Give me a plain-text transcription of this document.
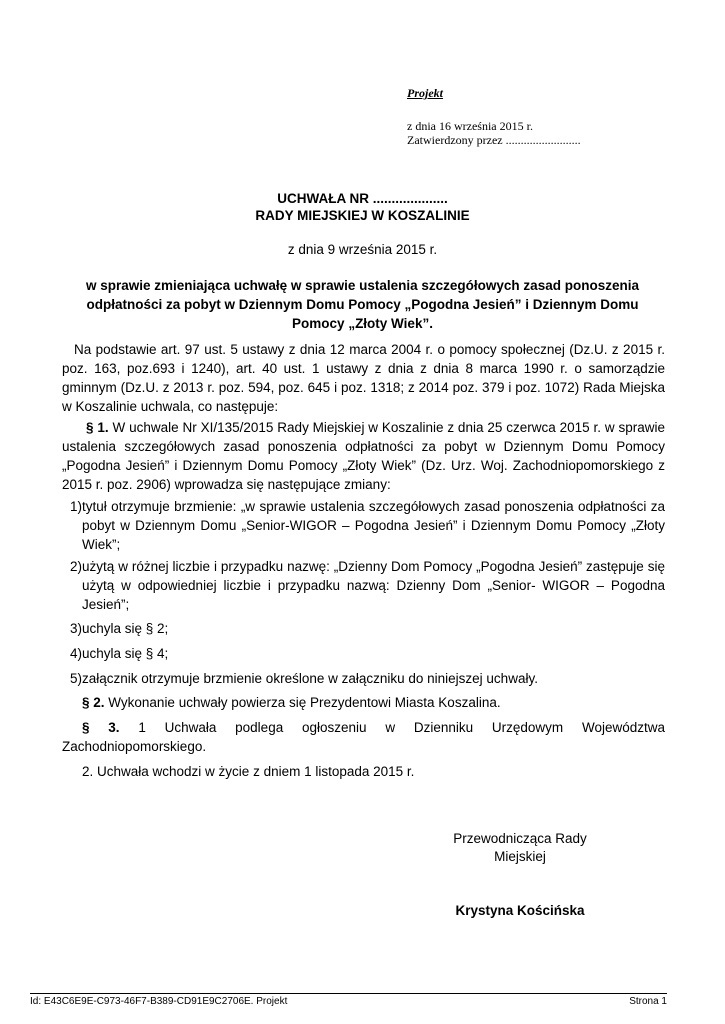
Projekt
z dnia 16 września 2015 r.
Zatwierdzony przez .........................
UCHWAŁA NR ....................
RADY MIEJSKIEJ W KOSZALINIE
z dnia 9 września 2015 r.
w sprawie zmieniająca uchwałę w sprawie ustalenia szczegółowych zasad ponoszenia odpłatności za pobyt w Dziennym Domu Pomocy „Pogodna Jesień” i Dziennym Domu Pomocy „Złoty Wiek”.
Na podstawie art. 97 ust. 5 ustawy z dnia 12 marca 2004 r. o pomocy społecznej (Dz.U. z 2015 r. poz. 163, poz.693 i 1240), art. 40 ust. 1 ustawy z dnia z dnia 8 marca 1990 r. o samorządzie gminnym (Dz.U. z 2013 r. poz. 594, poz. 645 i poz. 1318; z 2014 poz. 379 i poz. 1072) Rada Miejska w Koszalinie uchwala, co następuje:
§ 1. W uchwale Nr XI/135/2015 Rady Miejskiej w Koszalinie z dnia 25 czerwca 2015 r. w sprawie ustalenia szczegółowych zasad ponoszenia odpłatności za pobyt w Dziennym Domu Pomocy „Pogodna Jesień” i Dziennym Domu Pomocy „Złoty Wiek” (Dz. Urz. Woj. Zachodniopomorskiego z 2015 r. poz. 2906) wprowadza się następujące zmiany:
1) tytuł otrzymuje brzmienie: „w sprawie ustalenia szczegółowych zasad ponoszenia odpłatności za pobyt w Dziennym Domu „Senior-WIGOR – Pogodna Jesień” i Dziennym Domu Pomocy „Złoty Wiek”;
2) użytą w różnej liczbie i przypadku nazwę: „Dzienny Dom Pomocy „Pogodna Jesień” zastępuje się użytą w odpowiedniej liczbie i przypadku nazwą: Dzienny Dom „Senior- WIGOR – Pogodna Jesień”;
3) uchyla się § 2;
4) uchyla się § 4;
5) załącznik otrzymuje brzmienie określone w załączniku do niniejszej uchwały.
§ 2. Wykonanie uchwały powierza się Prezydentowi Miasta Koszalina.
§ 3. 1 Uchwała podlega ogłoszeniu w Dzienniku Urzędowym Województwa Zachodniopomorskiego.
2. Uchwała wchodzi w życie z dniem 1 listopada 2015 r.
Przewodnicząca Rady
Miejskiej
Krystyna Kościńska
Id: E43C6E9E-C973-46F7-B389-CD91E9C2706E. Projekt	Strona 1
